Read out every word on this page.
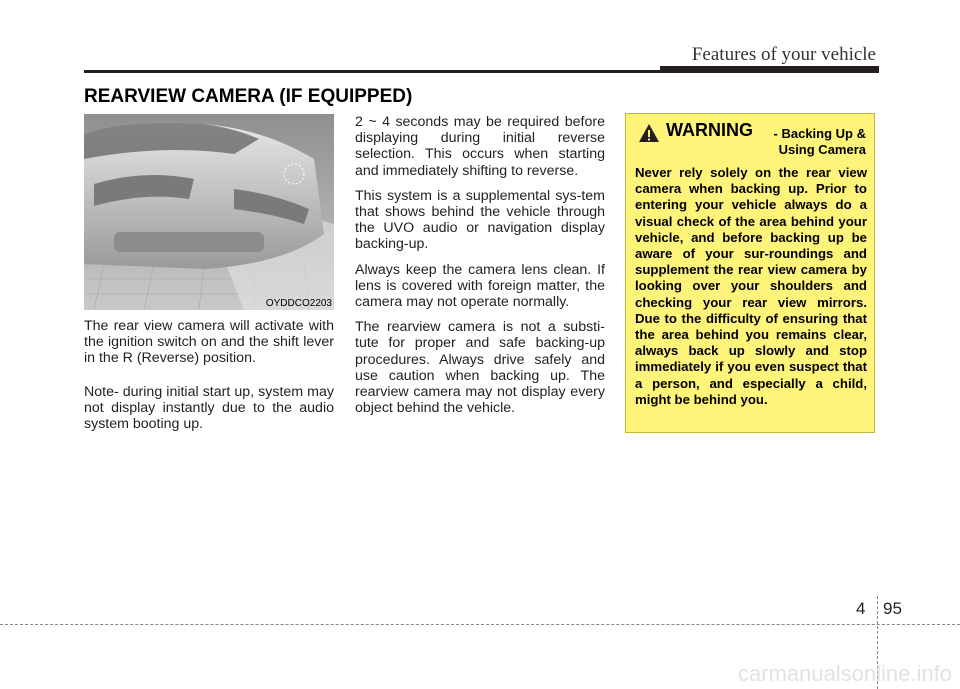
Features of your vehicle
REARVIEW CAMERA (IF EQUIPPED)
OYDDCO2203

The rear view camera will activate with the ignition switch on and the shift lever in the R (Reverse) position.

Note- during initial start up, system may not display instantly due to the audio system booting up.

2 ~ 4 seconds may be required before displaying during initial reverse selection. This occurs when starting and immediately shifting to reverse.

This system is a supplemental sys-tem that shows behind the vehicle through the UVO audio or navigation display backing-up.

Always keep the camera lens clean. If lens is covered with foreign matter, the camera may not operate normally.

The rearview camera is not a substi-tute for proper and safe backing-up procedures. Always drive safely and use caution when backing up. The rearview camera may not display every object behind the vehicle.

WARNING - Backing Up &
Using Camera
Never rely solely on the rear view camera when backing up. Prior to entering your vehicle always do a visual check of the area behind your vehicle, and before backing up be aware of your sur-roundings and supplement the rear view camera by looking over your shoulders and checking your rear view mirrors. Due to the difficulty of ensuring that the area behind you remains clear, always back up slowly and stop immediately if you even suspect that a person, and especially a child, might be behind you.
4 95
carmanualsonline.info
